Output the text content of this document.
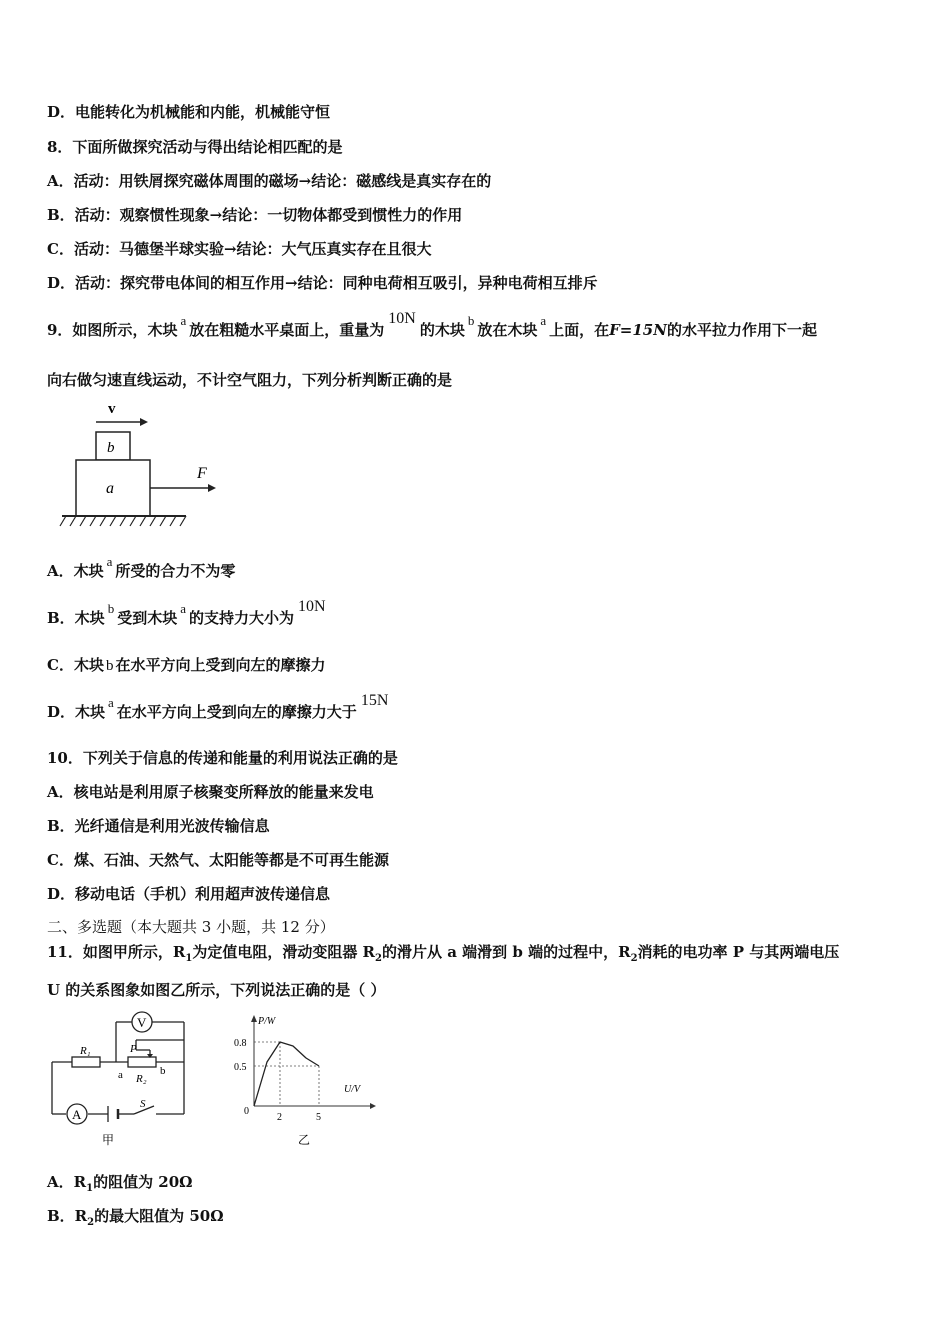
D．电能转化为机械能和内能，机械能守恒
8．下面所做探究活动与得出结论相匹配的是
A．活动：用铁屑探究磁体周围的磁场→结论：磁感线是真实存在的
B．活动：观察惯性现象→结论：一切物体都受到惯性力的作用
C．活动：马德堡半球实验→结论：大气压真实存在且很大
D．活动：探究带电体间的相互作用→结论：同种电荷相互吸引，异种电荷相互排斥
9．如图所示，木块a放在粗糙水平桌面上，重量为10N的木块b放在木块a上面，在F=15N的水平拉力作用下一起
向右做匀速直线运动，不计空气阻力，下列分析判断正确的是
v
b
a
F
A．木块a所受的合力不为零
B．木块b受到木块a的支持力大小为10N
C．木块 b 在水平方向上受到向左的摩擦力
D．木块a在水平方向上受到向左的摩擦力大于15N
10．下列关于信息的传递和能量的利用说法正确的是
A．核电站是利用原子核聚变所释放的能量来发电
B．光纤通信是利用光波传输信息
C．煤、石油、天然气、太阳能等都是不可再生能源
D．移动电话（手机）利用超声波传递信息
二、多选题（本大题共 3 小题，共 12 分）
11．如图甲所示，$R_1$为定值电阻，滑动变阻器 $R_2$的滑片从 a 端滑到 b 端的过程中，$R_2$消耗的电功率 P 与其两端电压
U 的关系图象如图乙所示，下列说法正确的是（ ）
V
A
S
R₁	P
a	b
R₂
甲
P/W
U/V
0.8
0.5
0
2	5
乙
A．$R_1$的阻值为 20Ω
B．$R_2$的最大阻值为 50Ω
